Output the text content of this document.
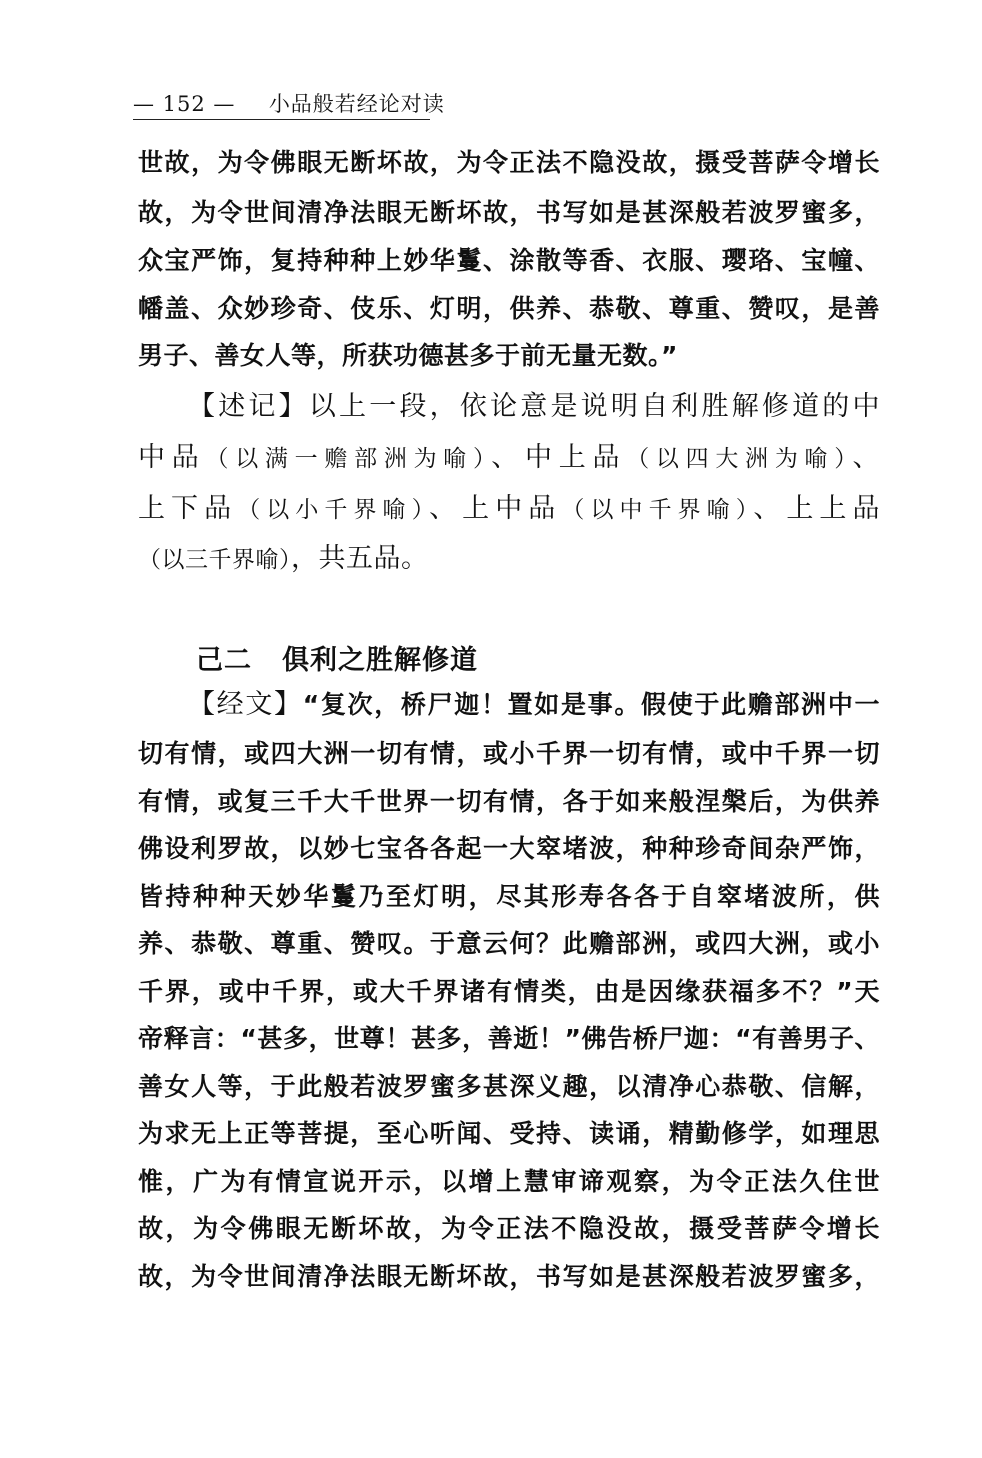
— 152 — 小品般若经论对读
世故，为令佛眼无断坏故，为令正法不隐没故，摄受菩萨令增长
故，为令世间清净法眼无断坏故，书写如是甚深般若波罗蜜多，
众宝严饰，复持种种上妙华鬘、涂散等香、衣服、璎珞、宝幢、
幡盖、众妙珍奇、伎乐、灯明，供养、恭敬、尊重、赞叹，是善
男子、善女人等，所获功德甚多于前无量无数。”
【述记】以上一段，依论意是说明自利胜解修道的中
中品（以满一赡部洲为喻）、中上品（以四大洲为喻）、
上下品（以小千界喻）、上中品（以中千界喻）、上上品
（以三千界喻），共五品。
己二 俱利之胜解修道
【经文】“复次，桥尸迦！置如是事。假使于此赡部洲中一
切有情，或四大洲一切有情，或小千界一切有情，或中千界一切
有情，或复三千大千世界一切有情，各于如来般涅槃后，为供养
佛设利罗故，以妙七宝各各起一大窣堵波，种种珍奇间杂严饰，
皆持种种天妙华鬘乃至灯明，尽其形寿各各于自窣堵波所，供
养、恭敬、尊重、赞叹。于意云何？此赡部洲，或四大洲，或小
千界，或中千界，或大千界诸有情类，由是因缘获福多不？”天
帝释言：“甚多，世尊！甚多，善逝！”佛告桥尸迦：“有善男子、
善女人等，于此般若波罗蜜多甚深义趣，以清净心恭敬、信解，
为求无上正等菩提，至心听闻、受持、读诵，精勤修学，如理思
惟，广为有情宣说开示，以增上慧审谛观察，为令正法久住世
故，为令佛眼无断坏故，为令正法不隐没故，摄受菩萨令增长
故，为令世间清净法眼无断坏故，书写如是甚深般若波罗蜜多，
